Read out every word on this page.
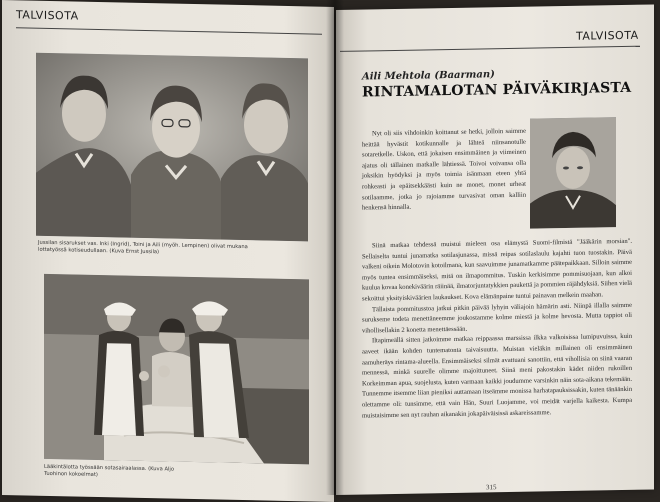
TALVISOTA
Jussilan sisarukset vas. Inki (Ingrid), Toini ja Aili (myöh. Lempinen) olivat mukana lottatyössä kotiseudullaan. (Kuva Ernst Jussila)
Lääkintälotta työssään sotasairaalassa. (Kuva Aljo Tuohinon kokoelmat)
TALVISOTA
Aili Mehtola (Baarman)
RINTAMALOTAN PÄIVÄKIRJASTA

Nyt oli siis vihdoinkin koittanut se hetki, jolloin saimme heittää hyvästit kotikunnalle ja lähteä niinsanotulle sotaretkelle. Uskon, että jokaisen ensimmäinen ja viimeinen ajatus oli tällainen matkalle lähtiessä. Toivoi voivansa olla joksikin hyödyksi ja myös toimia isänmaan eteen yhtä rohkeasti ja epäitsekkäästi kuin ne monet, monet urheat sotilaamme, jotka jo rajoiamme turvasivat oman kalliin henkensä hinnalla.

Siinä matkaa tehdessä muistui mieleen osa elämystä Suomi-filmistä "Jääkärin morsian". Sellaiselta tuntui junamatka sotilasjunassa, missä reipas sotilaslaulu kajahti tuon tuostakin. Päivä valkeni oikein Molotovin kotoilmana, kun saavuimme junamatkamme päätepaikkaan. Silloin saimme myös tuntea ensimmäiseksi, mitä on ilmapommitus. Tuskin kerkisimme pommisuojaan, kun alkoi kuulua kovaa konekiväärin räiinää, ilmatorjuntatykkien paukettä ja pommien räjähdyksiä. Siihen vielä sekoittui yksityiskiväärien laukaukset. Kova elämänpaine tuntui painavan melkein maahan.

Tällaista pommitusstoa jatkui pitkin päivää lyhyin väliajoin hämärin asti. Niinpä illalla saimme surukseme todeta menettäneemme joukostamme kolme miestä ja kolme hevosta. Mutta tappiot oli vihollisellakin 2 konetta menettäessään.

Iltapimeällä sitten jatkoimme matkaa reippaassa marssissa ilkka valkoisissa lumipuvuissa, kuin aaveet ikään kohden tuntematonta taivaisuutta. Muistan vieläkin millainen oli ensimmäinen aamuheräys rintama-alueella. Ensimmäiseksi silmät avattuani sanottiin, että vihollisia on siinä vaaran mennessä, minkä suurelle olimme majoittuneet. Siinä meni pakostakin kädet niiden rukoillen Korkeimman apua, suojelusta, kuten varmaan kaikki joudumme varsinkin näin sota-aikana tekemään. Tunnemme itsemme liian pieniksi auttamaan itseämme monissa harhatapauksissakin, kuten tänäänkin olettamme oli: tunsimme, että vain Hän, Suuri Luojamme, voi meidät varjella kaikesta. Kumpa muistaisimme sen nyt rauhan aikanakin jokapäiväisissä askareissamme.

315
